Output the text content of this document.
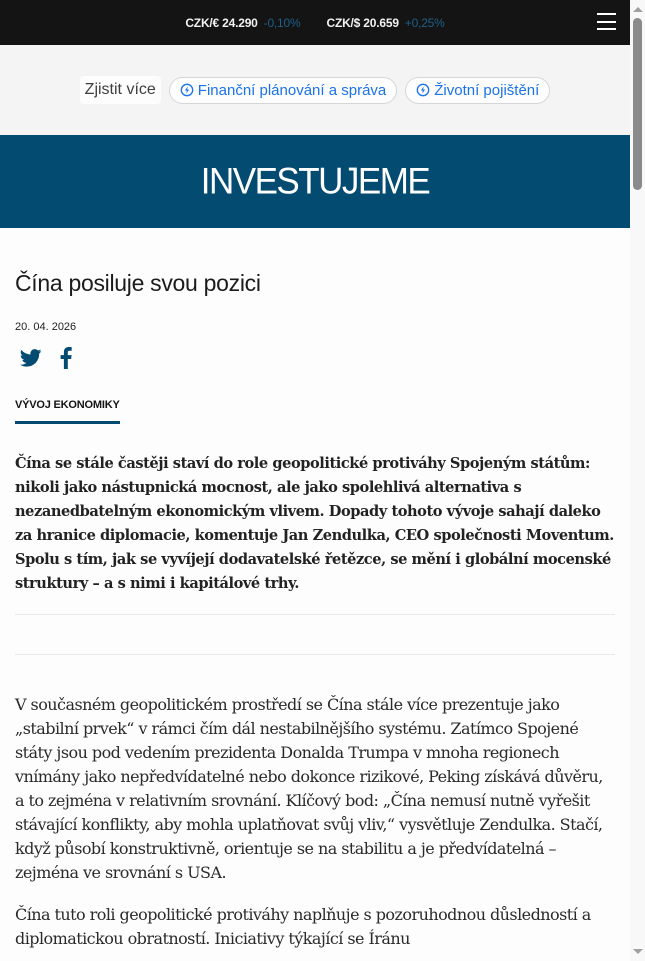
CZK/€ 24.290 -0,10% CZK/$ 20.659 +0,25%
Zjistit více	Finanční plánování a správa	Životní pojištění
INVESTUJEME
Čína posiluje svou pozici
20. 04. 2026
VÝVOJ EKONOMIKY

Čína se stále častěji staví do role geopolitické protiváhy Spojeným státům: nikoli jako nástupnická mocnost, ale jako spolehlivá alternativa s nezanedbatelným ekonomickým vlivem. Dopady tohoto vývoje sahají daleko za hranice diplomacie, komentuje Jan Zendulka, CEO společnosti Moventum. Spolu s tím, jak se vyvíjejí dodavatelské řetězce, se mění i globální mocenské struktury – a s nimi i kapitálové trhy.

V současném geopolitickém prostředí se Čína stále více prezentuje jako „stabilní prvek“ v rámci čím dál nestabilnějšího systému. Zatímco Spojené státy jsou pod vedením prezidenta Donalda Trumpa v mnoha regionech vnímány jako nepředvídatelné nebo dokonce rizikové, Peking získává důvěru, a to zejména v relativním srovnání. Klíčový bod: „Čína nemusí nutně vyřešit stávající konflikty, aby mohla uplatňovat svůj vliv,“ vysvětluje Zendulka. Stačí, když působí konstruktivně, orientuje se na stabilitu a je předvídatelná – zejména ve srovnání s USA.

Čína tuto roli geopolitické protiváhy naplňuje s pozoruhodnou důsledností a diplomatickou obratností. Iniciativy týkající se Íránu
